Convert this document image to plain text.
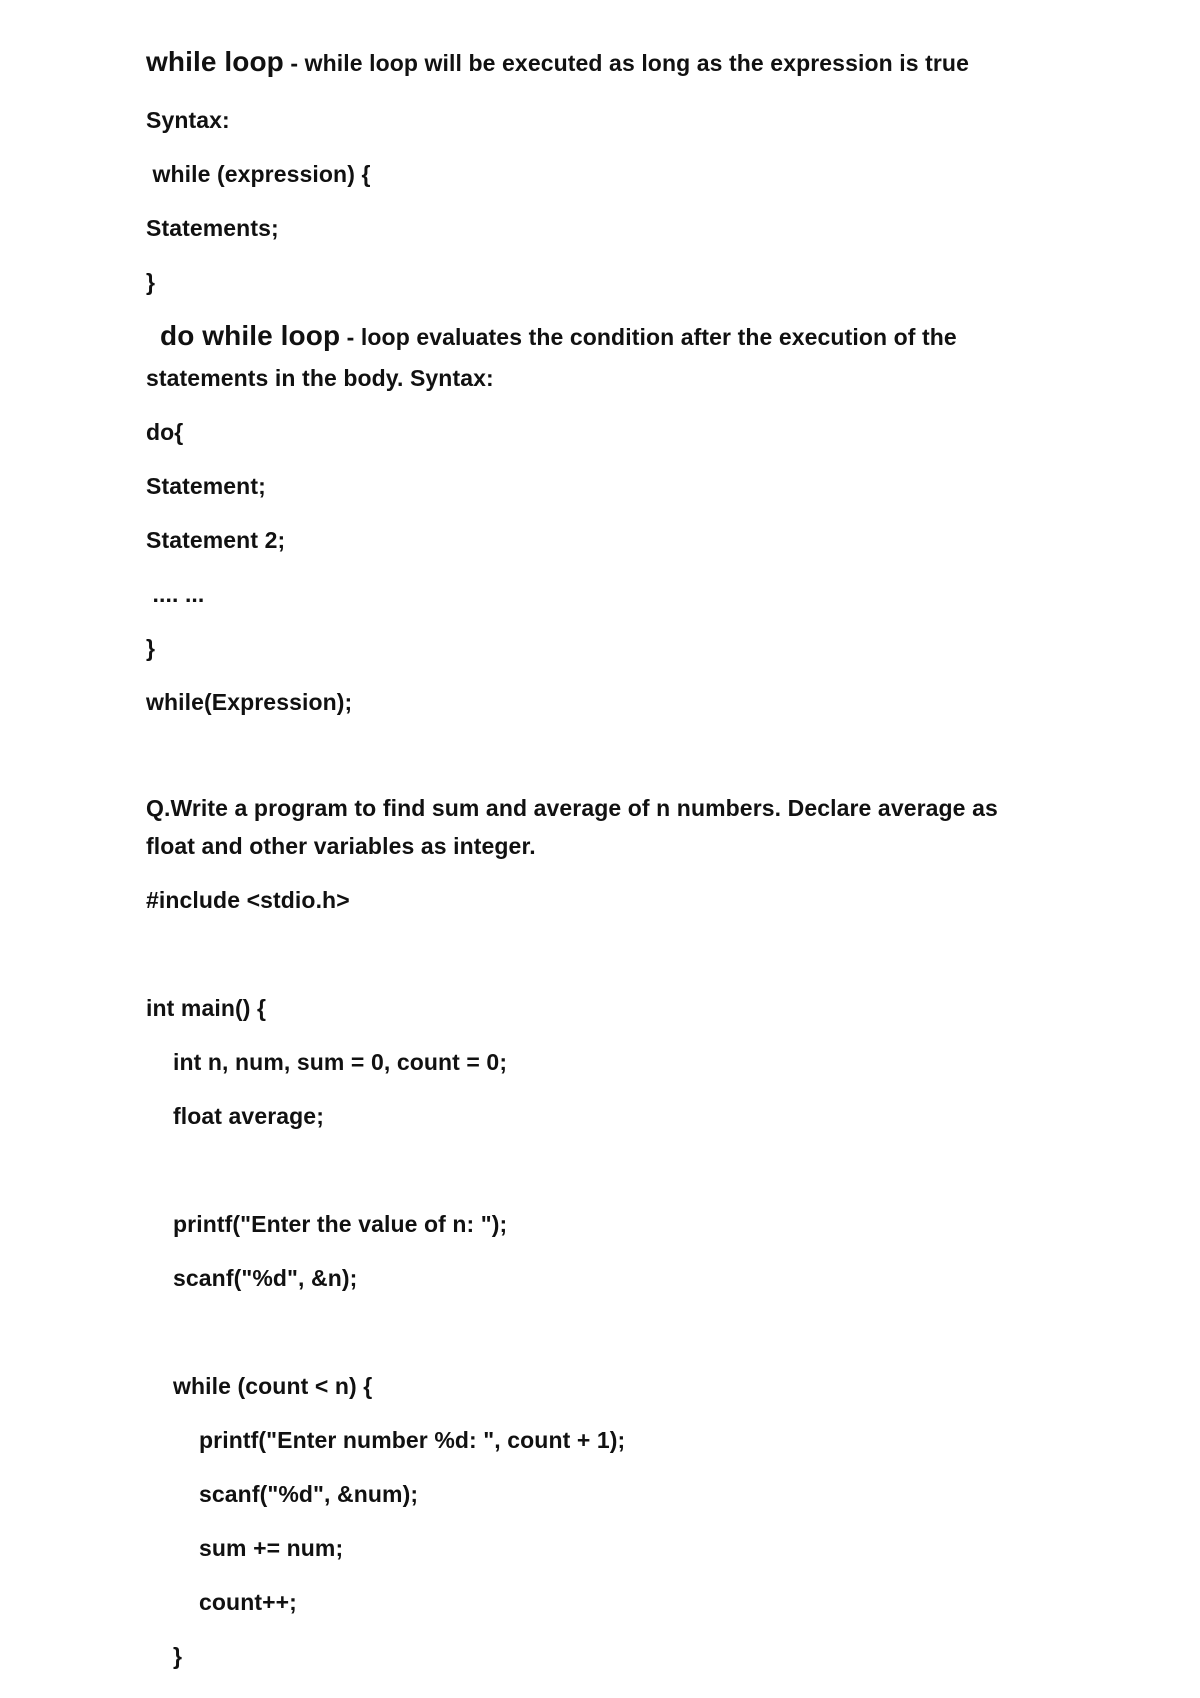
while loop - while loop will be executed as long as the expression is true
Syntax:
while (expression) {
Statements;
}
do while loop - loop evaluates the condition after the execution of the
statements in the body. Syntax:
do{
Statement;
Statement 2;
.... ...
}
while(Expression);
Q.Write a program to find sum and average of n numbers. Declare average as
float and other variables as integer.
#include <stdio.h>
int main() {
int n, num, sum = 0, count = 0;
float average;
printf("Enter the value of n: ");
scanf("%d", &n);
while (count < n) {
printf("Enter number %d: ", count + 1);
scanf("%d", &num);
sum += num;
count++;
}
